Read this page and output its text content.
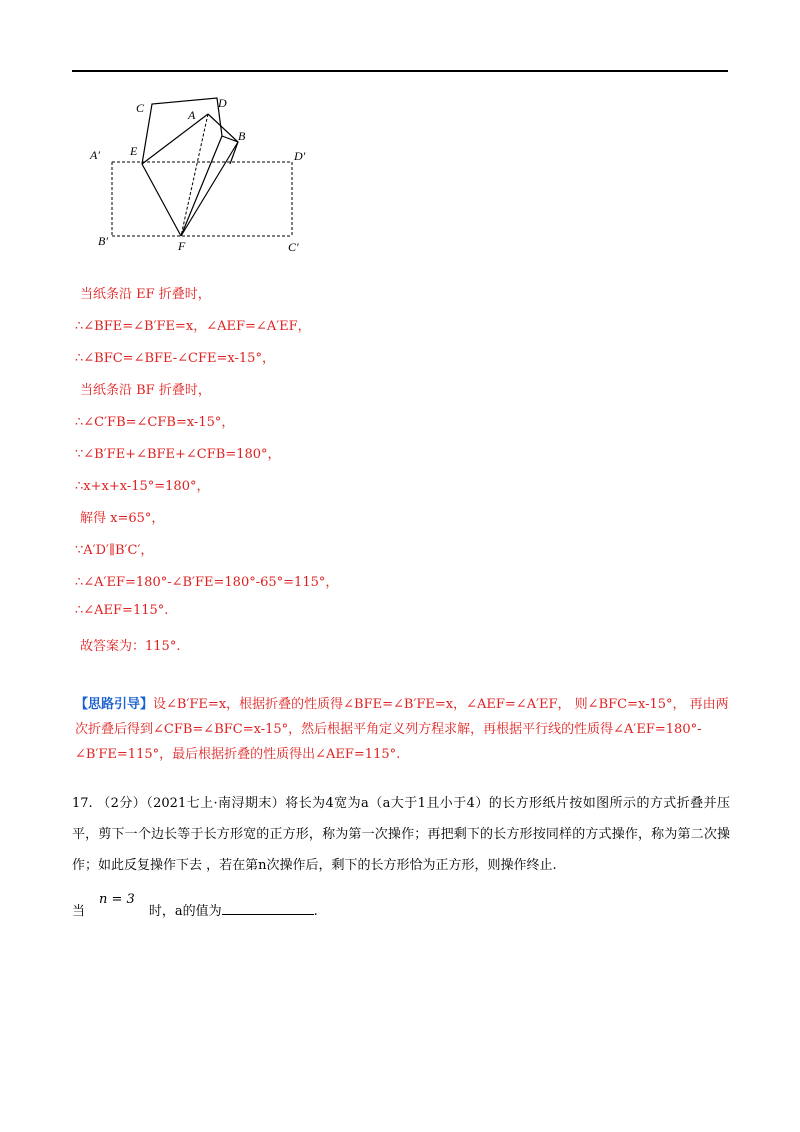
C	D
A
B
E
A′	D′
B′	F	C′
当纸条沿 EF 折叠时，
∴∠BFE=∠B′FE=x，∠AEF=∠A′EF，
∴∠BFC=∠BFE-∠CFE=x-15°，
当纸条沿 BF 折叠时，
∴∠C′FB=∠CFB=x-15°，
∵∠B′FE+∠BFE+∠CFB=180°，
∴x+x+x-15°=180°，
解得 x=65°，
∵A′D′∥B′C′，
∴∠A′EF=180°-∠B′FE=180°-65°=115°，
∴∠AEF=115°.
故答案为：115°.
【思路引导】设∠B′FE=x，根据折叠的性质得∠BFE=∠B′FE=x，∠AEF=∠A′EF， 则∠BFC=x-15°， 再由两次折叠后得到∠CFB=∠BFC=x-15°，然后根据平角定义列方程求解，再根据平行线的性质得∠A′EF=180°-∠B′FE=115°，最后根据折叠的性质得出∠AEF=115°.
17. （2分）（2021七上·南浔期末）将长为4宽为a（a大于1且小于4）的长方形纸片按如图所示的方式折叠并压平，剪下一个边长等于长方形宽的正方形，称为第一次操作；再把剩下的长方形按同样的方式操作，称为第二次操作；如此反复操作下去 ，若在第n次操作后，剩下的长方形恰为正方形，则操作终止.
当n = 3时，a的值为	.
